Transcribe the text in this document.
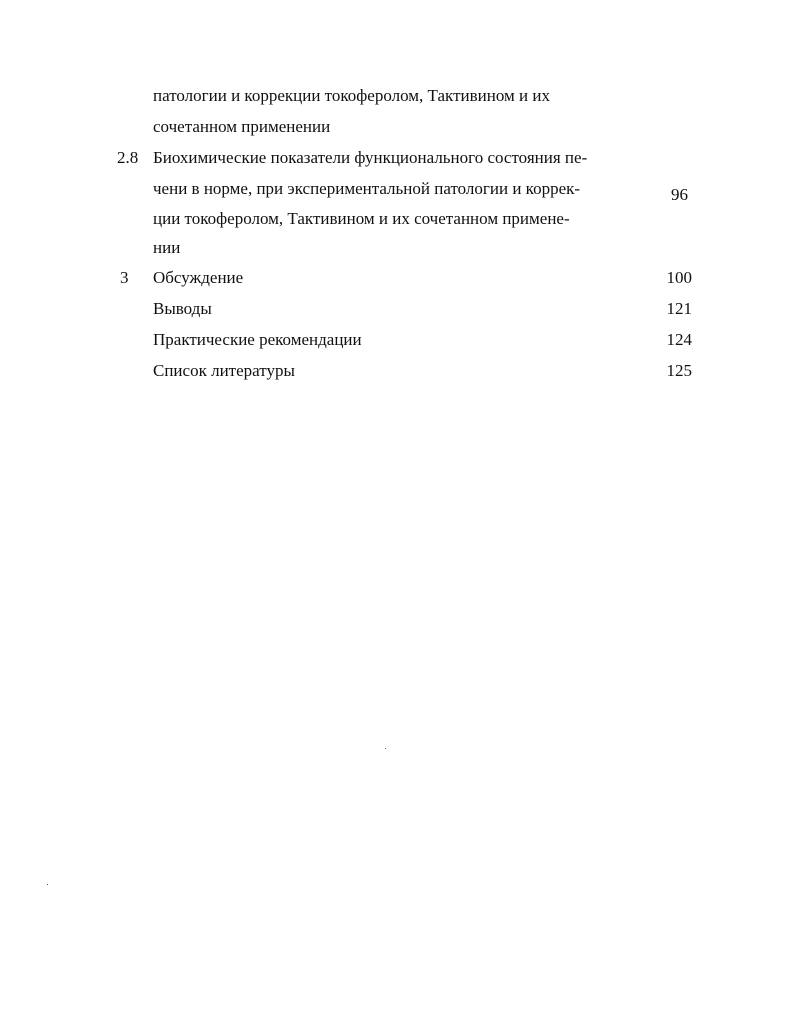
патологии и коррекции токоферолом, Тактивином и их
сочетанном применении
2.8 Биохимические показатели функционального состояния пе-
чени в норме, при экспериментальной патологии и коррек-	96
ции токоферолом, Тактивином и их сочетанном примене-
нии
3 Обсуждение	100
Выводы	121
Практические рекомендации	124
Список литературы	125
